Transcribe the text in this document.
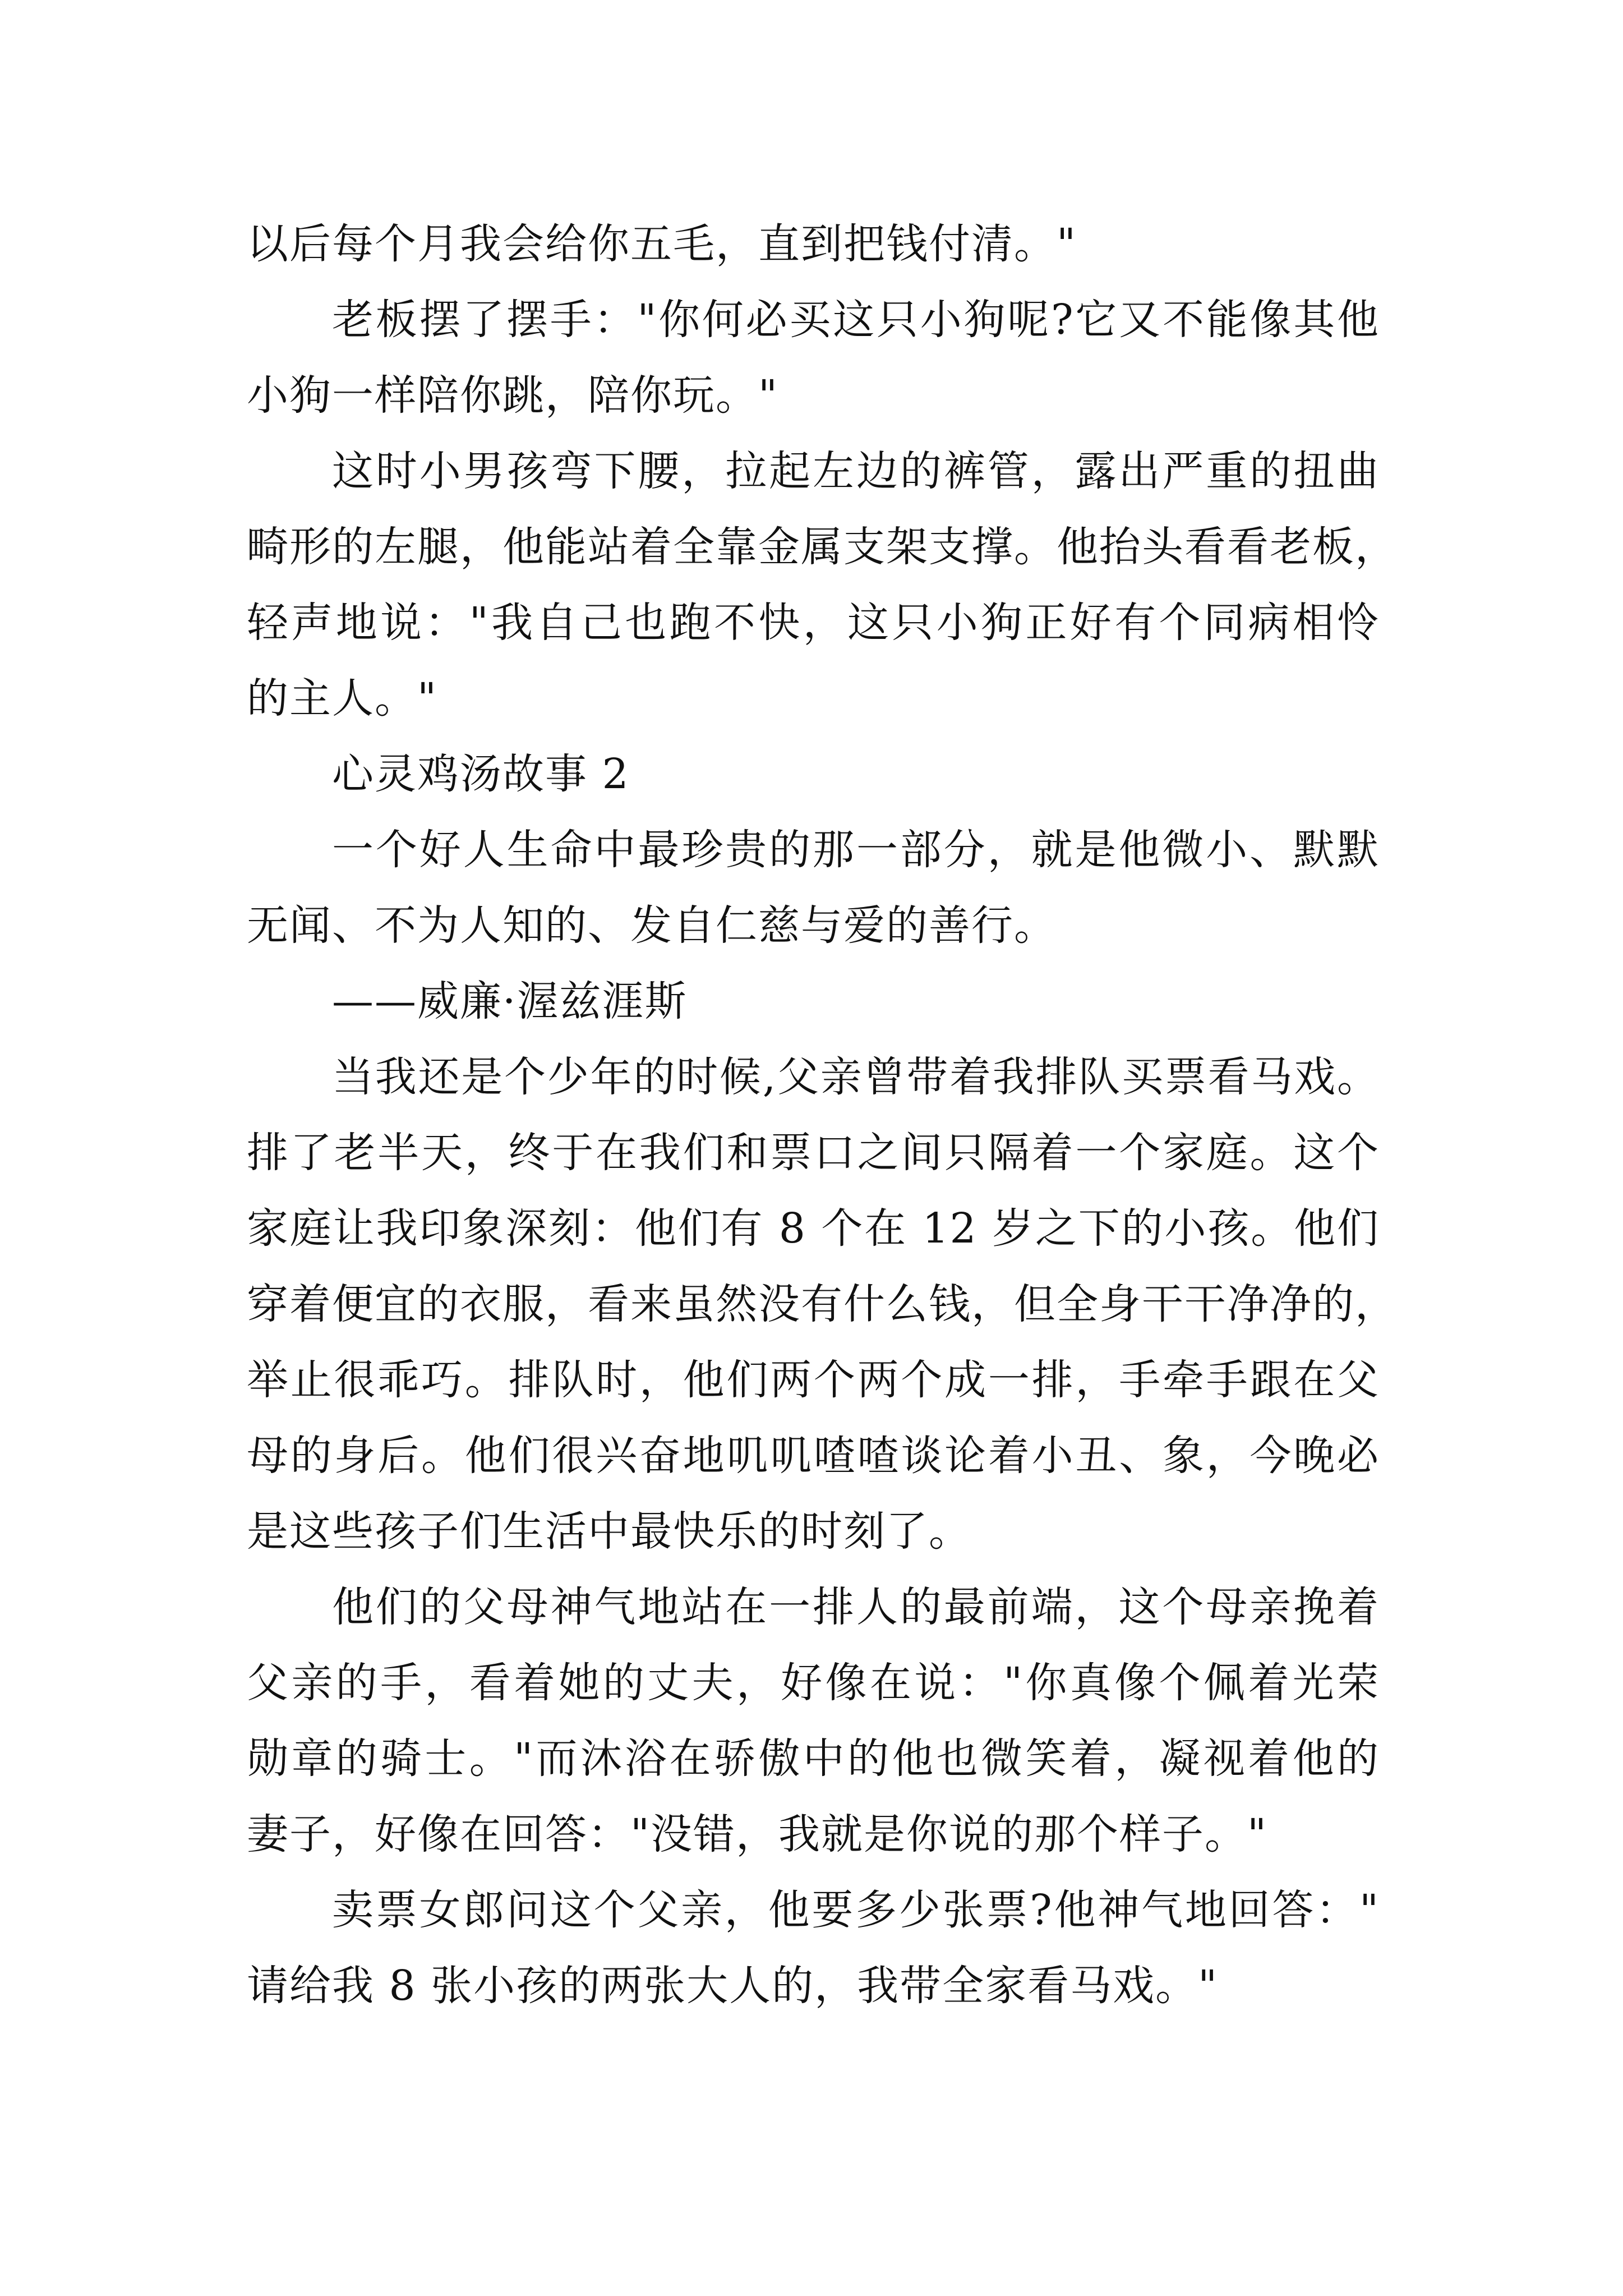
以后每个月我会给你五毛，直到把钱付清。"
老板摆了摆手："你何必买这只小狗呢?它又不能像其他
小狗一样陪你跳，陪你玩。"
这时小男孩弯下腰，拉起左边的裤管，露出严重的扭曲
畸形的左腿，他能站着全靠金属支架支撑。他抬头看看老板，
轻声地说："我自己也跑不快，这只小狗正好有个同病相怜
的主人。"
心灵鸡汤故事 2
一个好人生命中最珍贵的那一部分，就是他微小、默默
无闻、不为人知的、发自仁慈与爱的善行。
——威廉·渥兹涯斯
当我还是个少年的时候,父亲曾带着我排队买票看马戏。
排了老半天，终于在我们和票口之间只隔着一个家庭。这个
家庭让我印象深刻：他们有 8 个在 12 岁之下的小孩。他们
穿着便宜的衣服，看来虽然没有什么钱，但全身干干净净的，
举止很乖巧。排队时，他们两个两个成一排，手牵手跟在父
母的身后。他们很兴奋地叽叽喳喳谈论着小丑、象，今晚必
是这些孩子们生活中最快乐的时刻了。
他们的父母神气地站在一排人的最前端，这个母亲挽着
父亲的手，看着她的丈夫，好像在说："你真像个佩着光荣
勋章的骑士。"而沐浴在骄傲中的他也微笑着，凝视着他的
妻子，好像在回答："没错，我就是你说的那个样子。"
卖票女郎问这个父亲，他要多少张票?他神气地回答："
请给我 8 张小孩的两张大人的，我带全家看马戏。"
